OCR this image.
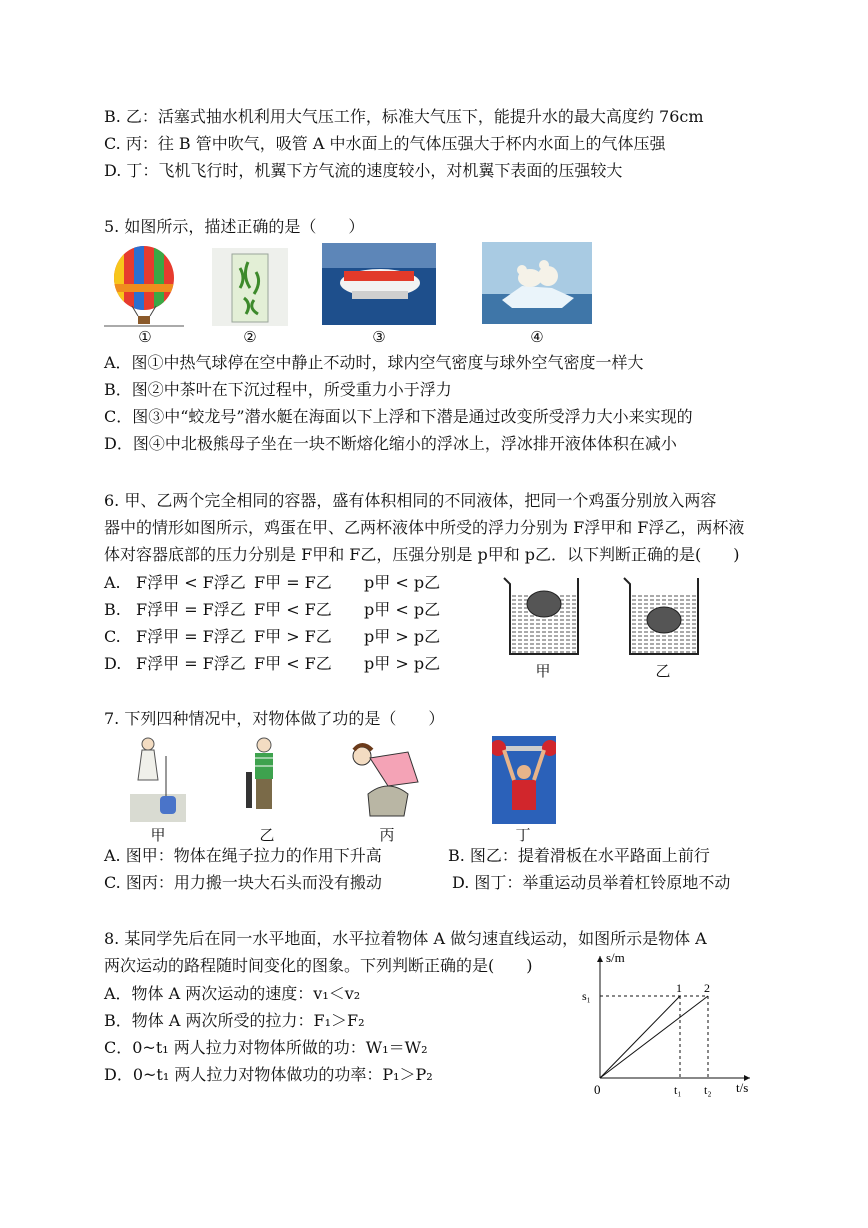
B. 乙：活塞式抽水机利用大气压工作，标准大气压下，能提升水的最大高度约 76cm
C. 丙：往 B 管中吹气，吸管 A 中水面上的气体压强大于杯内水面上的气体压强
D. 丁：飞机飞行时，机翼下方气流的速度较小，对机翼下表面的压强较大
5. 如图所示，描述正确的是（　　）
①	②	③	④
A．图①中热气球停在空中静止不动时，球内空气密度与球外空气密度一样大
B．图②中茶叶在下沉过程中，所受重力小于浮力
C．图③中“蛟龙号”潜水艇在海面以下上浮和下潜是通过改变所受浮力大小来实现的
D．图④中北极熊母子坐在一块不断熔化缩小的浮冰上，浮冰排开液体体积在减小
6. 甲、乙两个完全相同的容器，盛有体积相同的不同液体，把同一个鸡蛋分别放入两容
器中的情形如图所示，鸡蛋在甲、乙两杯液体中所受的浮力分别为 F浮甲和 F浮乙，两杯液
体对容器底部的压力分别是 F甲和 F乙，压强分别是 p甲和 p乙．以下判断正确的是(　　)
A. F浮甲 < F浮乙 F甲 = F乙 p甲 < p乙
B. F浮甲 = F浮乙 F甲 < F乙 p甲 < p乙
C. F浮甲 = F浮乙 F甲 > F乙 p甲 > p乙
D. F浮甲 = F浮乙 F甲 < F乙 p甲 > p乙	甲	乙
7. 下列四种情况中，对物体做了功的是（　　）
甲	乙	丙	丁
A. 图甲：物体在绳子拉力的作用下升高	B. 图乙：提着滑板在水平路面上前行
C. 图丙：用力搬一块大石头而没有搬动	D. 图丁：举重运动员举着杠铃原地不动
8. 某同学先后在同一水平地面，水平拉着物体 A 做匀速直线运动，如图所示是物体 A
两次运动的路程随时间变化的图象。下列判断正确的是(　　)
A．物体 A 两次运动的速度：v₁＜v₂
B．物体 A 两次所受的拉力：F₁＞F₂
C．0~t₁ 两人拉力对物体所做的功：W₁＝W₂
D．0~t₁ 两人拉力对物体做功的功率：P₁＞P₂
s/m
t/s
0
s₁
t₁ t₂
1 2
